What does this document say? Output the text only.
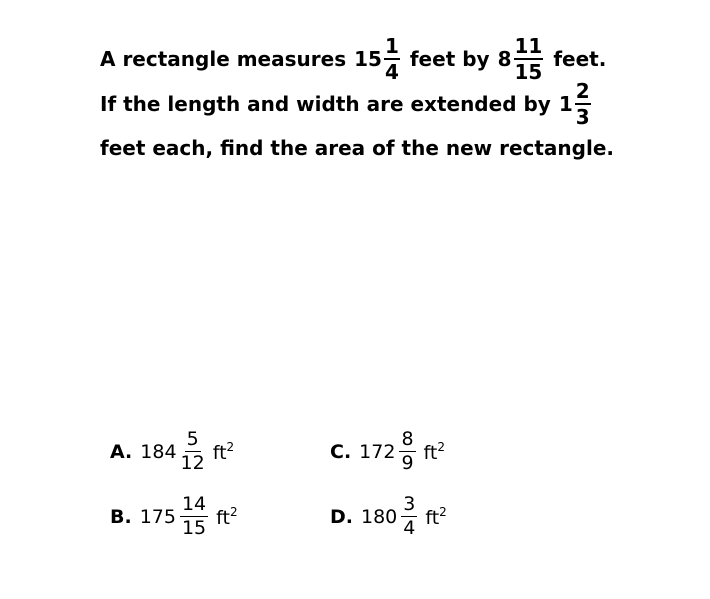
A rectangle measures $15 \frac{1}{4}$ feet by $8 \frac{11}{15}$ feet.
If the length and width are extended by $1 \frac{2}{3}$
feet each, find the area of the new rectangle.
A. $184 \frac{5}{12} ft^2$
B. $175 \frac{14}{15} ft^2$
C. $172 \frac{8}{9} ft^2$
D. $180 \frac{3}{4} ft^2$
